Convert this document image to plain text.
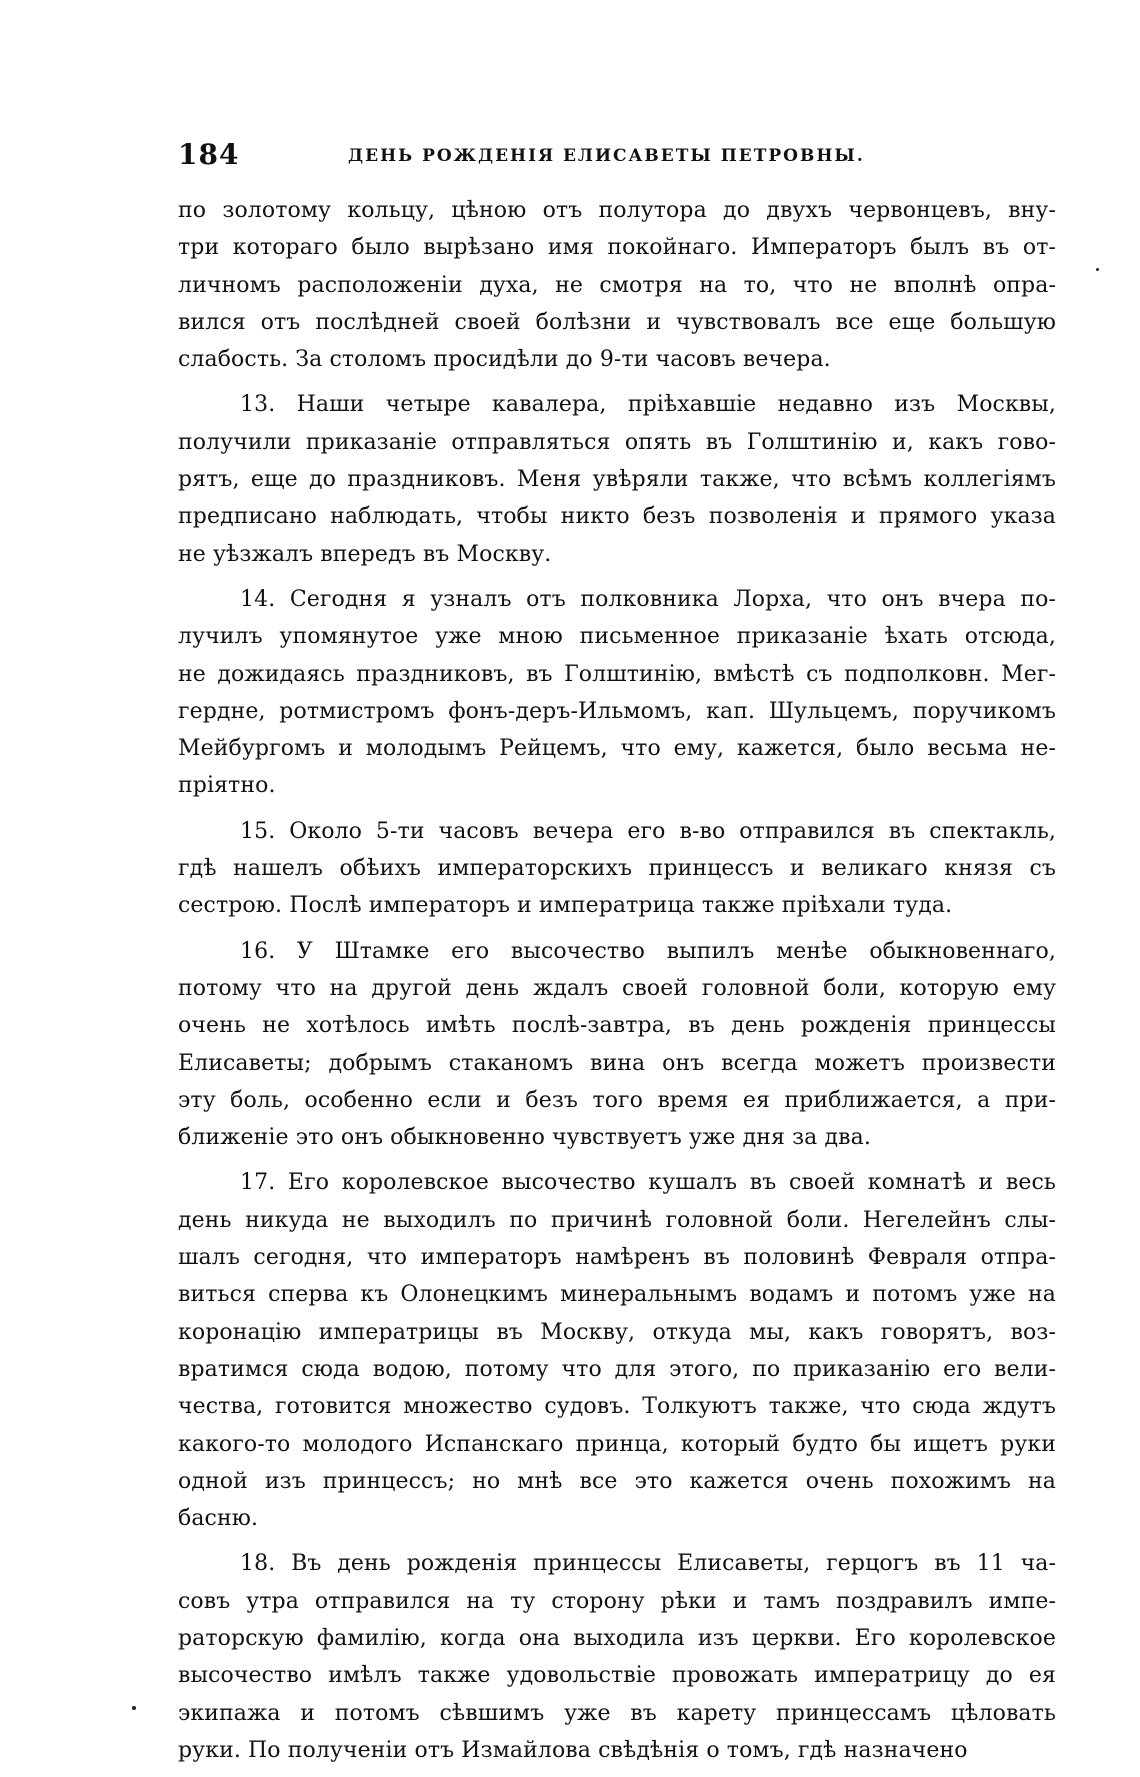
184	ДЕНЬ РОЖДЕНІЯ ЕЛИСАВЕТЫ ПЕТРОВНЫ.
по золотому кольцу, цѣною отъ полутора до двухъ червонцевъ, вну-
три котораго было вырѣзано имя покойнаго. Императоръ былъ въ от-
личномъ расположеніи духа, не смотря на то, что не вполнѣ опра-
вился отъ послѣдней своей болѣзни и чувствовалъ все еще большую
слабость. За столомъ просидѣли до 9-ти часовъ вечера.
13. Наши четыре кавалера, пріѣхавшіе недавно изъ Москвы,
получили приказаніе отправляться опять въ Голштинію и, какъ гово-
рятъ, еще до праздниковъ. Меня увѣряли также, что всѣмъ коллегіямъ
предписано наблюдать, чтобы никто безъ позволенія и прямого указа
не уѣзжалъ впередъ въ Москву.
14. Сегодня я узналъ отъ полковника Лорха, что онъ вчера по-
лучилъ упомянутое уже мною письменное приказаніе ѣхать отсюда,
не дожидаясь праздниковъ, въ Голштинію, вмѣстѣ съ подполковн. Мег-
гердне, ротмистромъ фонъ-деръ-Ильмомъ, кап. Шульцемъ, поручикомъ
Мейбургомъ и молодымъ Рейцемъ, что ему, кажется, было весьма не-
пріятно.
15. Около 5-ти часовъ вечера его в-во отправился въ спектакль,
гдѣ нашелъ обѣихъ императорскихъ принцессъ и великаго князя съ
сестрою. Послѣ императоръ и императрица также пріѣхали туда.
16. У Штамке его высочество выпилъ менѣе обыкновеннаго,
потому что на другой день ждалъ своей головной боли, которую ему
очень не хотѣлось имѣть послѣ-завтра, въ день рожденія принцессы
Елисаветы; добрымъ стаканомъ вина онъ всегда можетъ произвести
эту боль, особенно если и безъ того время ея приближается, а при-
ближеніе это онъ обыкновенно чувствуетъ уже дня за два.
17. Его королевское высочество кушалъ въ своей комнатѣ и весь
день никуда не выходилъ по причинѣ головной боли. Негелейнъ слы-
шалъ сегодня, что императоръ намѣренъ въ половинѣ Февраля отпра-
виться сперва къ Олонецкимъ минеральнымъ водамъ и потомъ уже на
коронацію императрицы въ Москву, откуда мы, какъ говорятъ, воз-
вратимся сюда водою, потому что для этого, по приказанію его вели-
чества, готовится множество судовъ. Толкуютъ также, что сюда ждутъ
какого-то молодого Испанскаго принца, который будто бы ищетъ руки
одной изъ принцессъ; но мнѣ все это кажется очень похожимъ на
басню.
18. Въ день рожденія принцессы Елисаветы, герцогъ въ 11 ча-
совъ утра отправился на ту сторону рѣки и тамъ поздравилъ импе-
раторскую фамилію, когда она выходила изъ церкви. Его королевское
высочество имѣлъ также удовольствіе провожать императрицу до ея
экипажа и потомъ сѣвшимъ уже въ карету принцессамъ цѣловать
руки. По полученіи отъ Измайлова свѣдѣнія о томъ, гдѣ назначено
